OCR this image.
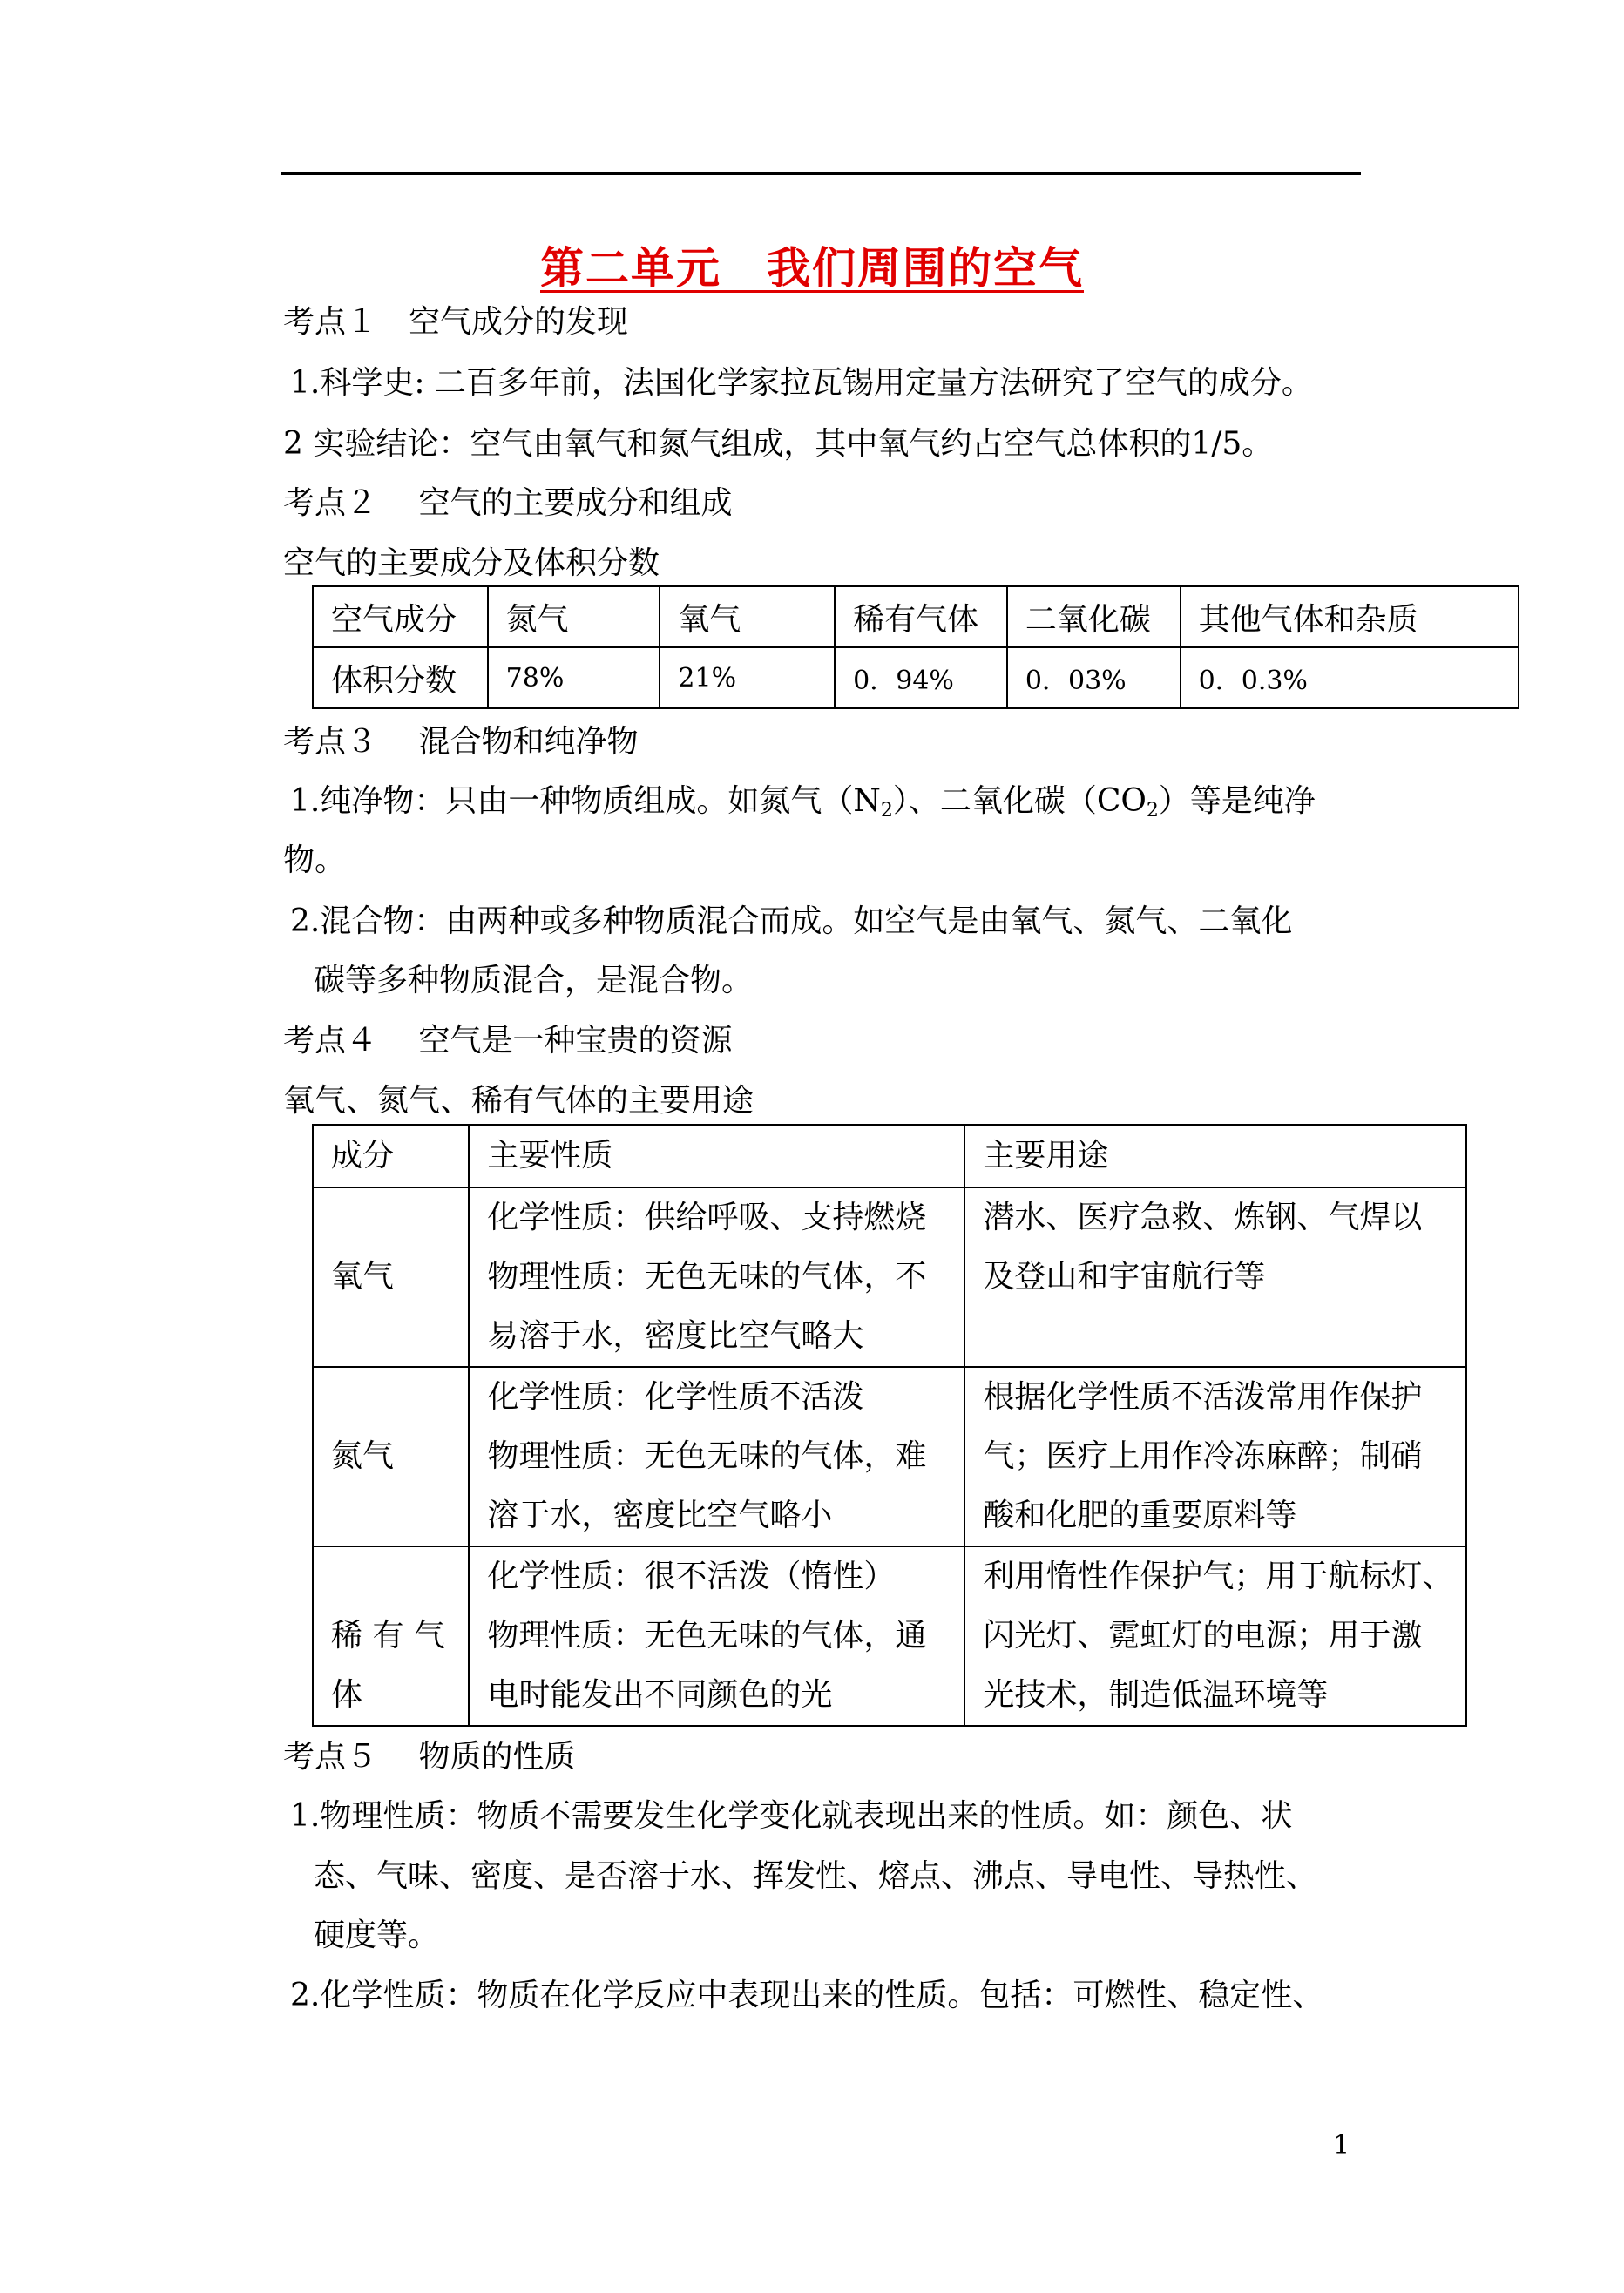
第二单元　我们周围的空气
考点１　空气成分的发现
1.科学史: 二百多年前，法国化学家拉瓦锡用定量方法研究了空气的成分。
2 实验结论：空气由氧气和氮气组成，其中氧气约占空气总体积的1/5。
考点２　 空气的主要成分和组成
空气的主要成分及体积分数
空气成分	氮气	氧气	稀有气体	二氧化碳	其他气体和杂质
体积分数	78%	21%	0．94%	0．03%	0．0.3%
考点３　 混合物和纯净物
1.纯净物：只由一种物质组成。如氮气$(N_2)$、二氧化碳$(CO_2)$等是纯净
物。
2.混合物：由两种或多种物质混合而成。如空气是由氧气、氮气、二氧化
碳等多种物质混合，是混合物。
考点４　 空气是一种宝贵的资源
氧气、氮气、稀有气体的主要用途
成分	主要性质	主要用途
氧气	化学性质：供给呼吸、支持燃烧
物理性质：无色无味的气体，不
易溶于水，密度比空气略大	潜水、医疗急救、炼钢、气焊以
及登山和宇宙航行等

氮气	化学性质：化学性质不活泼
物理性质：无色无味的气体，难
溶于水，密度比空气略小	根据化学性质不活泼常用作保护
气；医疗上用作冷冻麻醉；制硝
酸和化肥的重要原料等

稀 有 气
体	化学性质：很不活泼（惰性）
物理性质：无色无味的气体，通
电时能发出不同颜色的光	利用惰性作保护气；用于航标灯、
闪光灯、霓虹灯的电源；用于激
光技术，制造低温环境等
考点５　 物质的性质
1.物理性质：物质不需要发生化学变化就表现出来的性质。如：颜色、状
态、气味、密度、是否溶于水、挥发性、熔点、沸点、导电性、导热性、
硬度等。
2.化学性质：物质在化学反应中表现出来的性质。包括：可燃性、稳定性、
1
